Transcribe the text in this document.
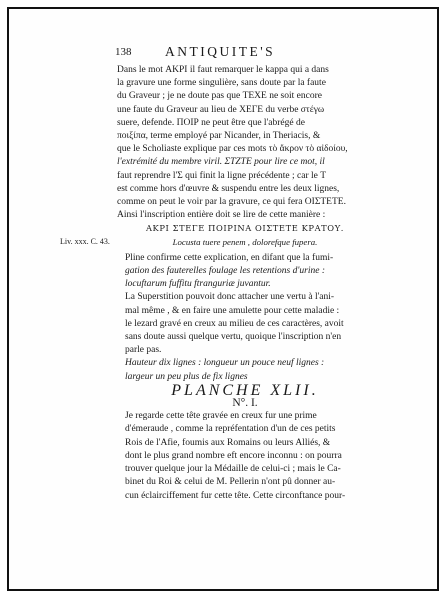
138 ANTIQUITE'S
Liv. xxx. C. 43.

Dans le mot ΑΚΡΙ il faut remarquer le kappa qui a dans
la gravure une forme singulière, sans doute par la faute
du Graveur ; je ne doute pas que ΤΕΧΕ ne soit encore
une faute du Graveur au lieu de ΧΕΓΕ du verbe στέγω
suere, defende. ΠΟΙΡ ne peut être que l'abrégé de
ποιξίπα, terme employé par Nicander, in Theriacis, &
que le Scholiaste explique par ces mots τὸ ἄκρον τὸ αἰδοίου,
l'extrémité du membre viril. ΣΤΖΤΕ pour lire ce mot, il
faut reprendre l'Σ qui finit la ligne précédente ; car le Τ
est comme hors d'œuvre & suspendu entre les deux lignes,
comme on peut le voir par la gravure, ce qui fera ΟΙΣΤΕΤΕ.
Ainsi l'inscription entière doit se lire de cette manière :

ΑΚΡΙ ΣΤΕΓΕ ΠΟΙΡΙΝΑ ΟΙΣΤΕΤΕ ΚΡΑΤΟΥ.

Locusta tuere penem , dolorefque fupera.

Pline confirme cette explication, en difant que la fumi-
gation des fauterelles foulage les retentions d'urine :
locuftarum fuffitu ftranguriæ juvantur.

La Superstition pouvoit donc attacher une vertu à l'ani-
mal même , & en faire une amulette pour cette maladie :
le lezard gravé en creux au milieu de ces caractères, avoit
sans doute aussi quelque vertu, quoique l'inscription n'en
parle pas.

Hauteur dix lignes : longueur un pouce neuf lignes :
largeur un peu plus de fix lignes

PLANCHE XLII.

N°. I.

Je regarde cette tête gravée en creux fur une prime
d'émeraude , comme la repréfentation d'un de ces petits
Rois de l'Afie, foumis aux Romains ou leurs Alliés, &
dont le plus grand nombre eft encore inconnu : on pourra
trouver quelque jour la Médaille de celui-ci ; mais le Ca-
binet du Roi & celui de M. Pellerin n'ont pû donner au-
cun éclairciffement fur cette tête. Cette circonftance pour-
